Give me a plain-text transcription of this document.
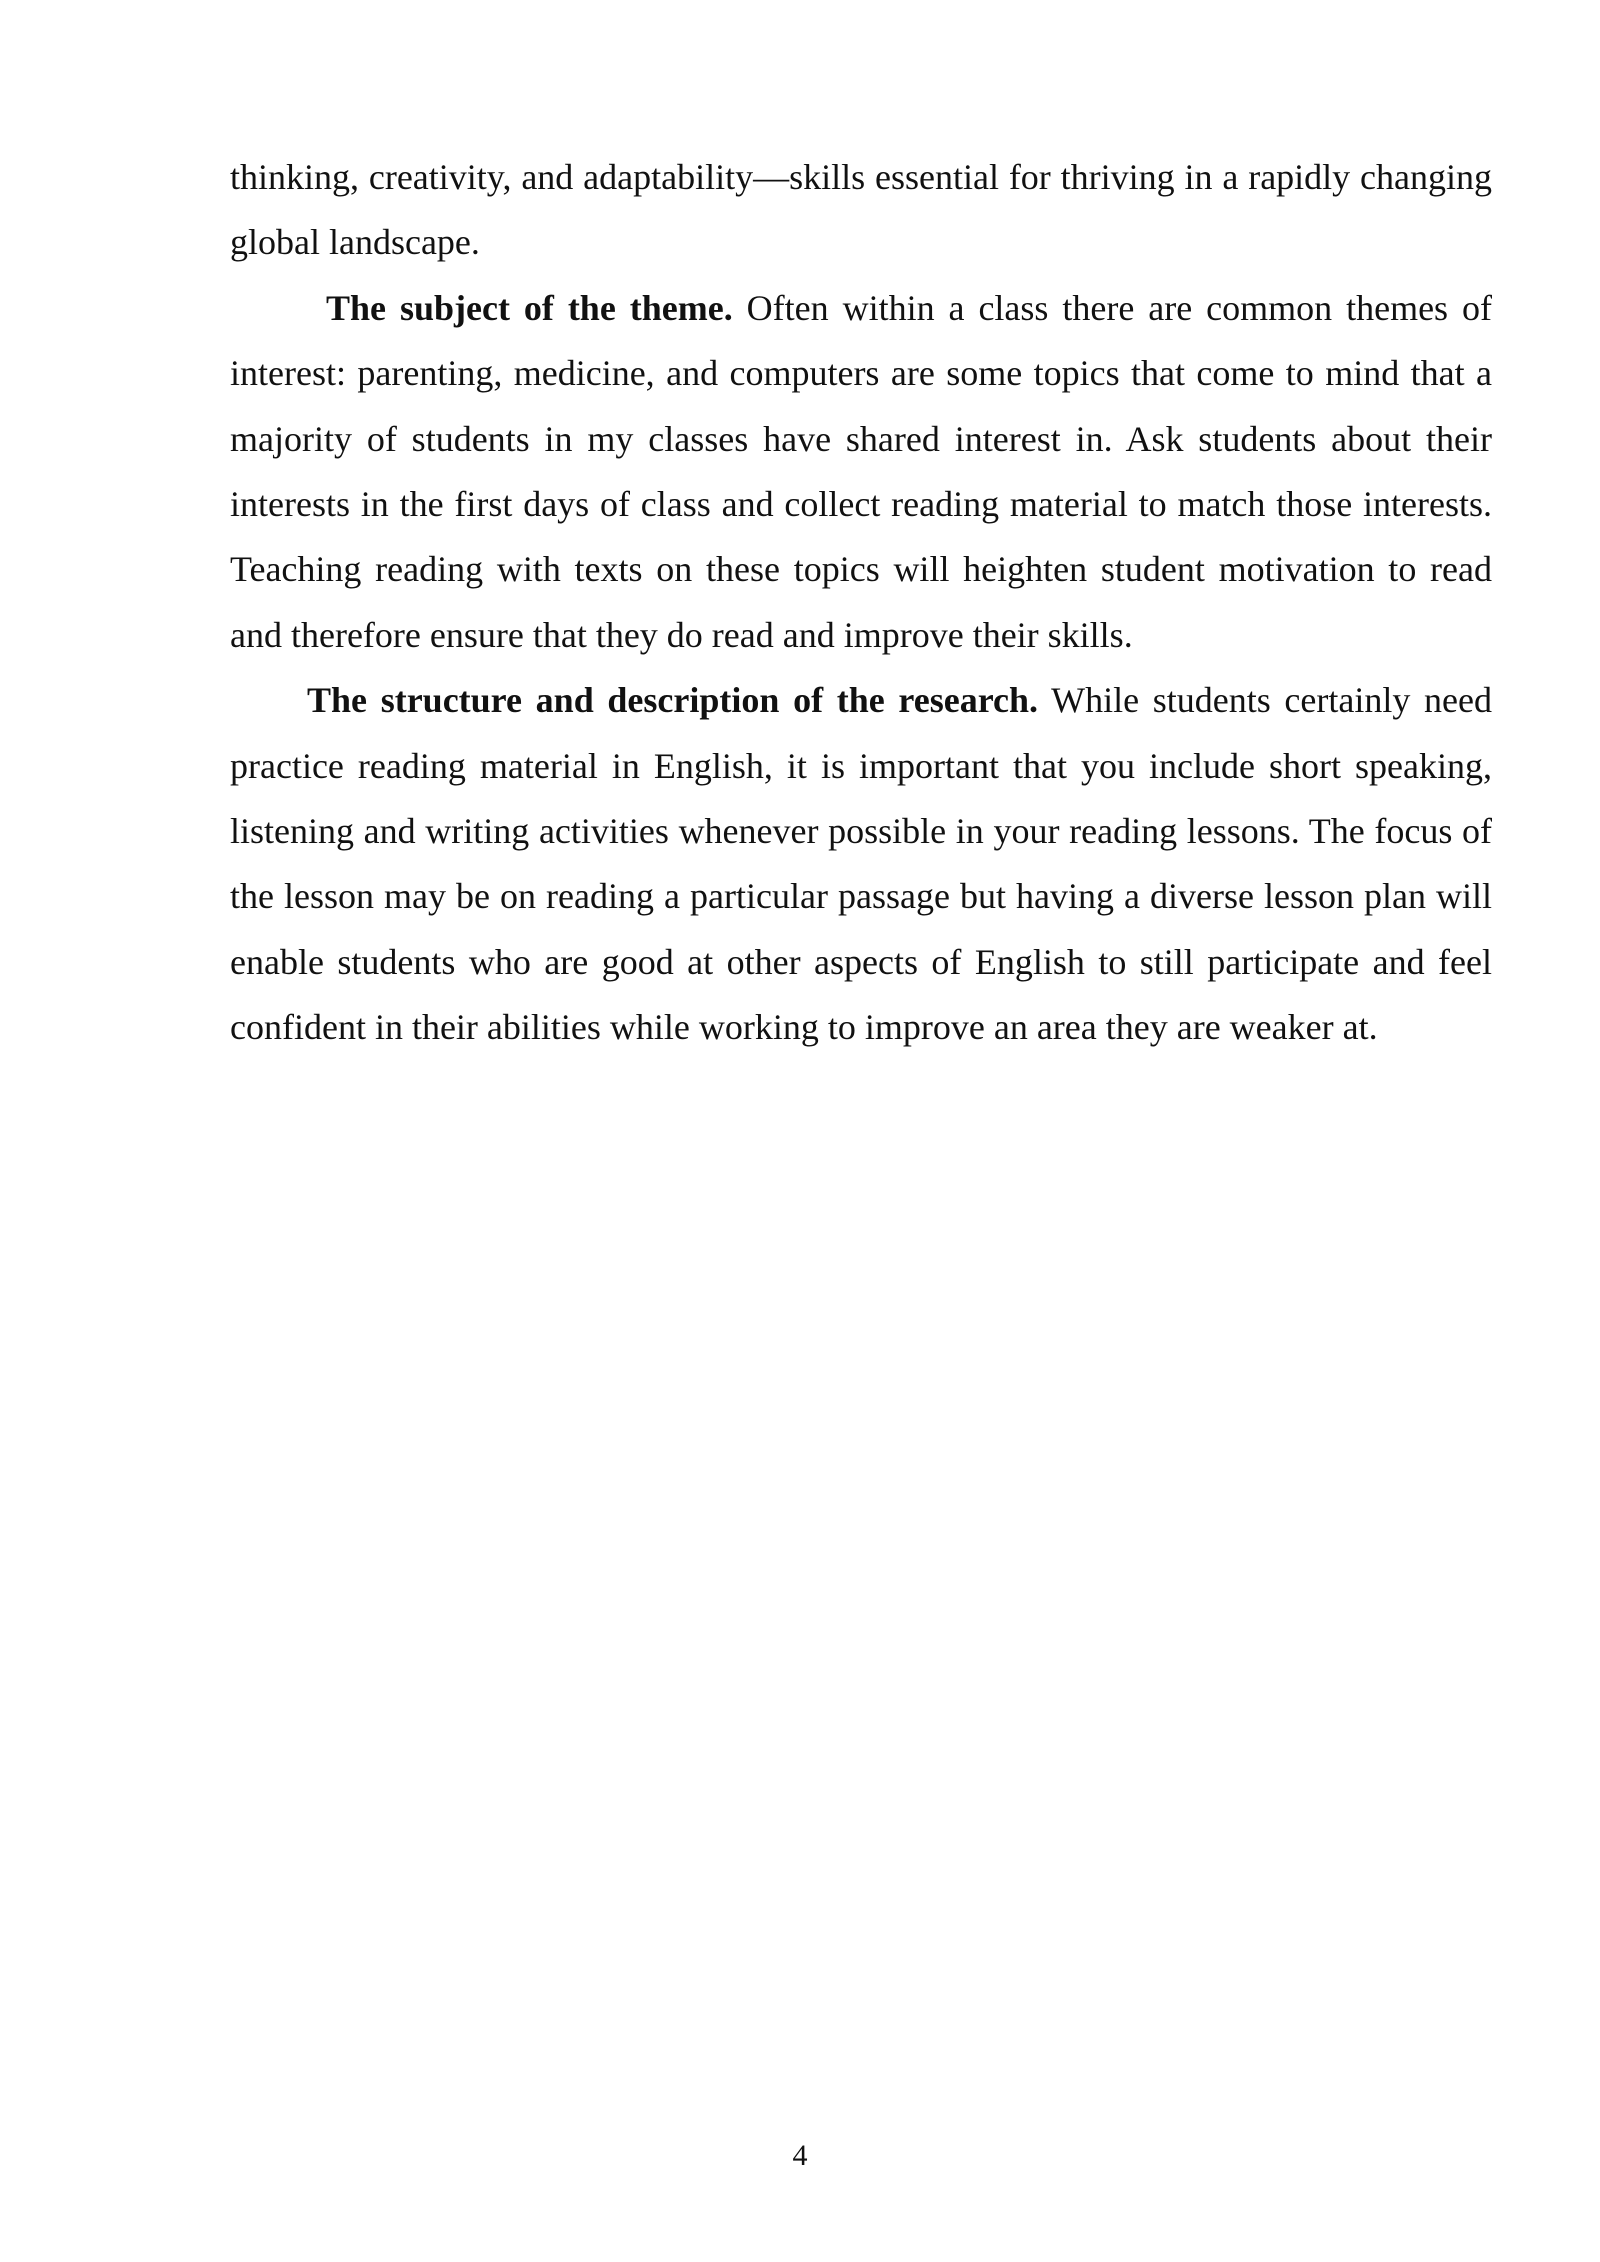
thinking, creativity, and adaptability—skills essential for thriving in a rapidly changing global landscape.

The subject of the theme. Often within a class there are common themes of interest: parenting, medicine, and computers are some topics that come to mind that a majority of students in my classes have shared interest in. Ask students about their interests in the first days of class and collect reading material to match those interests. Teaching reading with texts on these topics will heighten student motivation to read and therefore ensure that they do read and improve their skills.

The structure and description of the research. While students certainly need practice reading material in English, it is important that you include short speaking, listening and writing activities whenever possible in your reading lessons. The focus of the lesson may be on reading a particular passage but having a diverse lesson plan will enable students who are good at other aspects of English to still participate and feel confident in their abilities while working to improve an area they are weaker at.

4
